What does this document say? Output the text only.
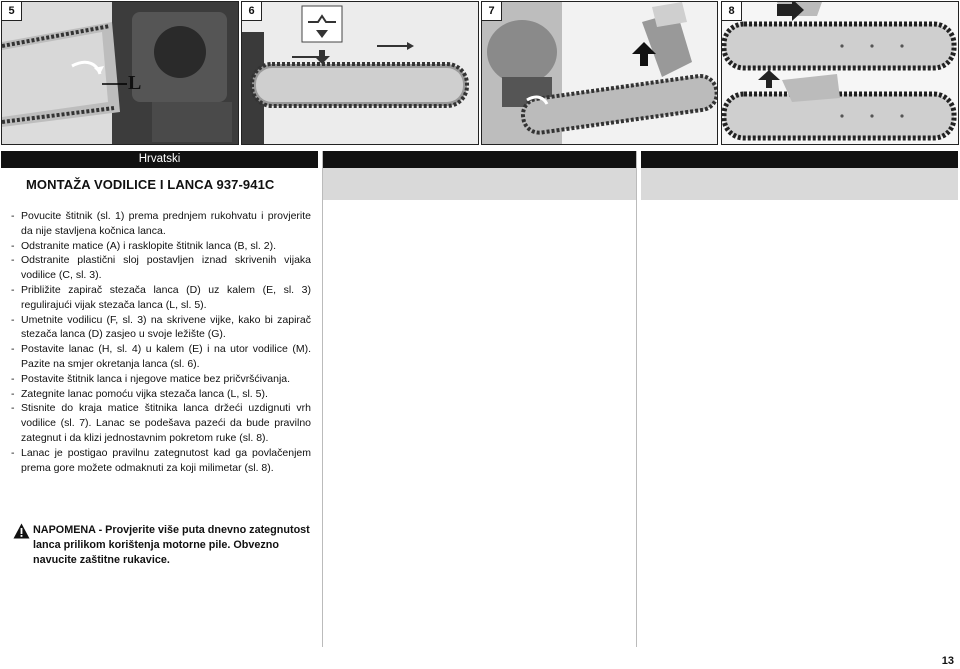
5
L
6	7	8
Hrvatski
MONTAŽA VODILICE I LANCA 937-941C
- Povucite štitnik (sl. 1) prema prednjem rukohvatu i provjerite da nije stavljena kočnica lanca.
- Odstranite matice (A) i rasklopite štitnik lanca (B, sl. 2).
- Odstranite plastični sloj postavljen iznad skrivenih vijaka vodilice (C, sl. 3).
- Približite zapirač stezača lanca (D) uz kalem (E, sl. 3) regulirajući vijak stezača lanca (L, sl. 5).
- Umetnite vodilicu (F, sl. 3) na skrivene vijke, kako bi zapirač stezača lanca (D) zasjeo u svoje ležište (G).
- Postavite lanac (H, sl. 4) u kalem (E) i na utor vodilice (M). Pazite na smjer okretanja lanca (sl. 6).
- Postavite štitnik lanca i njegove matice bez pričvršćivanja.
- Zategnite lanac pomoću vijka stezača lanca (L, sl. 5).
- Stisnite do kraja matice štitnika lanca držeći uzdignuti vrh vodilice (sl. 7). Lanac se podešava pazeći da bude pravilno zategnut i da klizi jednostavnim pokretom ruke (sl. 8).
- Lanac je postigao pravilnu zategnutost kad ga povlačenjem prema gore možete odmaknuti za koji milimetar (sl. 8).
NAPOMENA - Provjerite više puta dnevno zategnutost lanca prilikom korištenja motorne pile. Obvezno navucite zaštitne rukavice.
13
